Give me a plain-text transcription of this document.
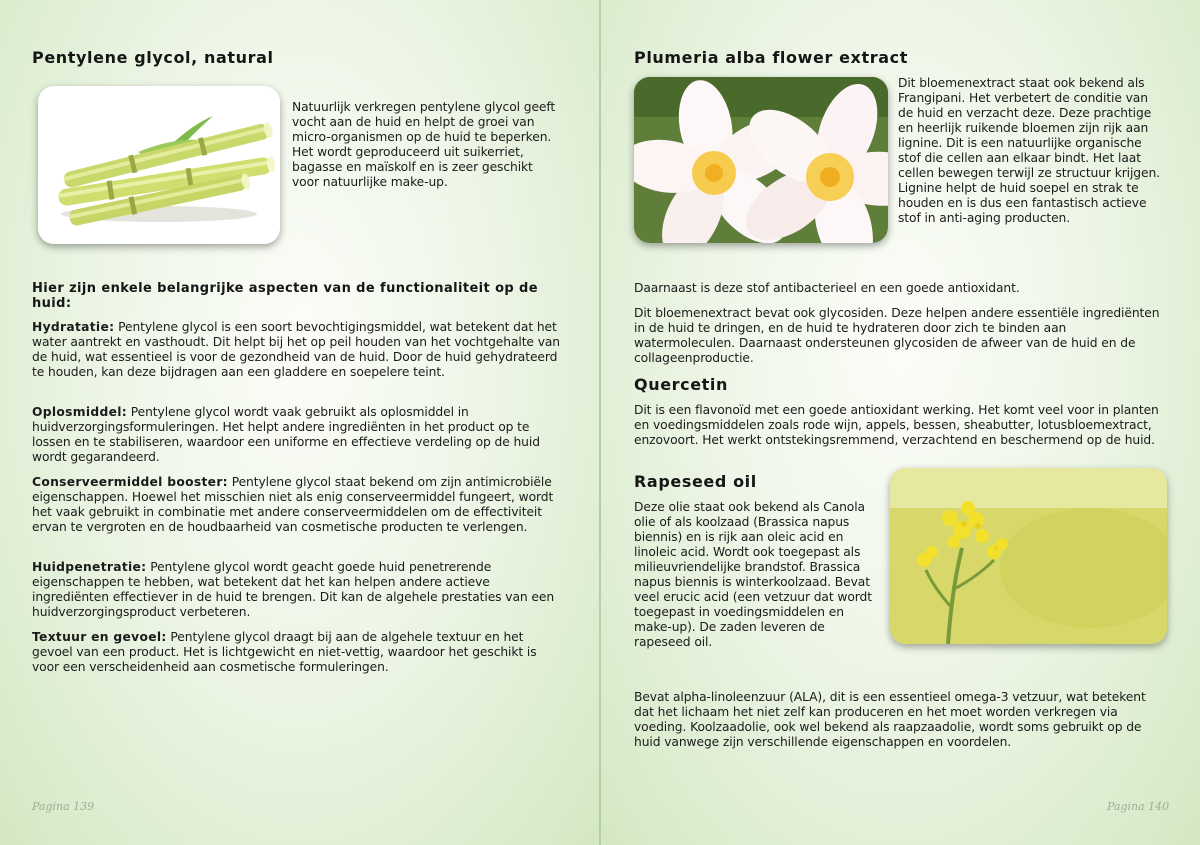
Pentylene glycol, natural

Natuurlijk verkregen pentylene glycol geeft vocht aan de huid en helpt de groei van micro-organismen op de huid te beperken. Het wordt geproduceerd uit suikerriet, bagasse en maïskolf en is zeer geschikt voor natuurlijke make-up.

Hier zijn enkele belangrijke aspecten van de functionaliteit op de huid:

Hydratatie: Pentylene glycol is een soort bevochtigingsmiddel, wat betekent dat het water aantrekt en vasthoudt. Dit helpt bij het op peil houden van het vochtgehalte van de huid, wat essentieel is voor de gezondheid van de huid. Door de huid gehydrateerd te houden, kan deze bijdragen aan een gladdere en soepelere teint.

Oplosmiddel: Pentylene glycol wordt vaak gebruikt als oplosmiddel in huidverzorgingsformuleringen. Het helpt andere ingrediënten in het product op te lossen en te stabiliseren, waardoor een uniforme en effectieve verdeling op de huid wordt gegarandeerd.

Conserveermiddel booster: Pentylene glycol staat bekend om zijn antimicrobiële eigenschappen. Hoewel het misschien niet als enig conserveermiddel fungeert, wordt het vaak gebruikt in combinatie met andere conserveermiddelen om de effectiviteit ervan te vergroten en de houdbaarheid van cosmetische producten te verlengen.

Huidpenetratie: Pentylene glycol wordt geacht goede huid penetrerende eigenschappen te hebben, wat betekent dat het kan helpen andere actieve ingrediënten effectiever in de huid te brengen. Dit kan de algehele prestaties van een huidverzorgingsproduct verbeteren.

Textuur en gevoel: Pentylene glycol draagt bij aan de algehele textuur en het gevoel van een product. Het is lichtgewicht en niet-vettig, waardoor het geschikt is voor een verscheidenheid aan cosmetische formuleringen.

Pagina 139
Plumeria alba flower extract

Dit bloemenextract staat ook bekend als Frangipani. Het verbetert de conditie van de huid en verzacht deze. Deze prachtige en heerlijk ruikende bloemen zijn rijk aan lignine. Dit is een natuurlijke organische stof die cellen aan elkaar bindt. Het laat cellen bewegen terwijl ze structuur krijgen. Lignine helpt de huid soepel en strak te houden en is dus een fantastisch actieve stof in anti-aging producten.

Daarnaast is deze stof antibacterieel en een goede antioxidant.

Dit bloemenextract bevat ook glycosiden. Deze helpen andere essentiële ingrediënten in de huid te dringen, en de huid te hydrateren door zich te binden aan watermoleculen. Daarnaast ondersteunen glycosiden de afweer van de huid en de collageenproductie.

Quercetin

Dit is een flavonoïd met een goede antioxidant werking. Het komt veel voor in planten en voedingsmiddelen zoals rode wijn, appels, bessen, sheabutter, lotusbloemextract, enzovoort. Het werkt ontstekingsremmend, verzachtend en beschermend op de huid.

Rapeseed oil

Deze olie staat ook bekend als Canola olie of als koolzaad (Brassica napus biennis) en is rijk aan oleic acid en linoleic acid. Wordt ook toegepast als milieuvriendelijke brandstof. Brassica napus biennis is winterkoolzaad. Bevat veel erucic acid (een vetzuur dat wordt toegepast in voedingsmiddelen en make-up). De zaden leveren de rapeseed oil.

Bevat alpha-linoleenzuur (ALA), dit is een essentieel omega-3 vetzuur, wat betekent dat het lichaam het niet zelf kan produceren en het moet worden verkregen via voeding. Koolzaadolie, ook wel bekend als raapzaadolie, wordt soms gebruikt op de huid vanwege zijn verschillende eigenschappen en voordelen.

Pagina 140
